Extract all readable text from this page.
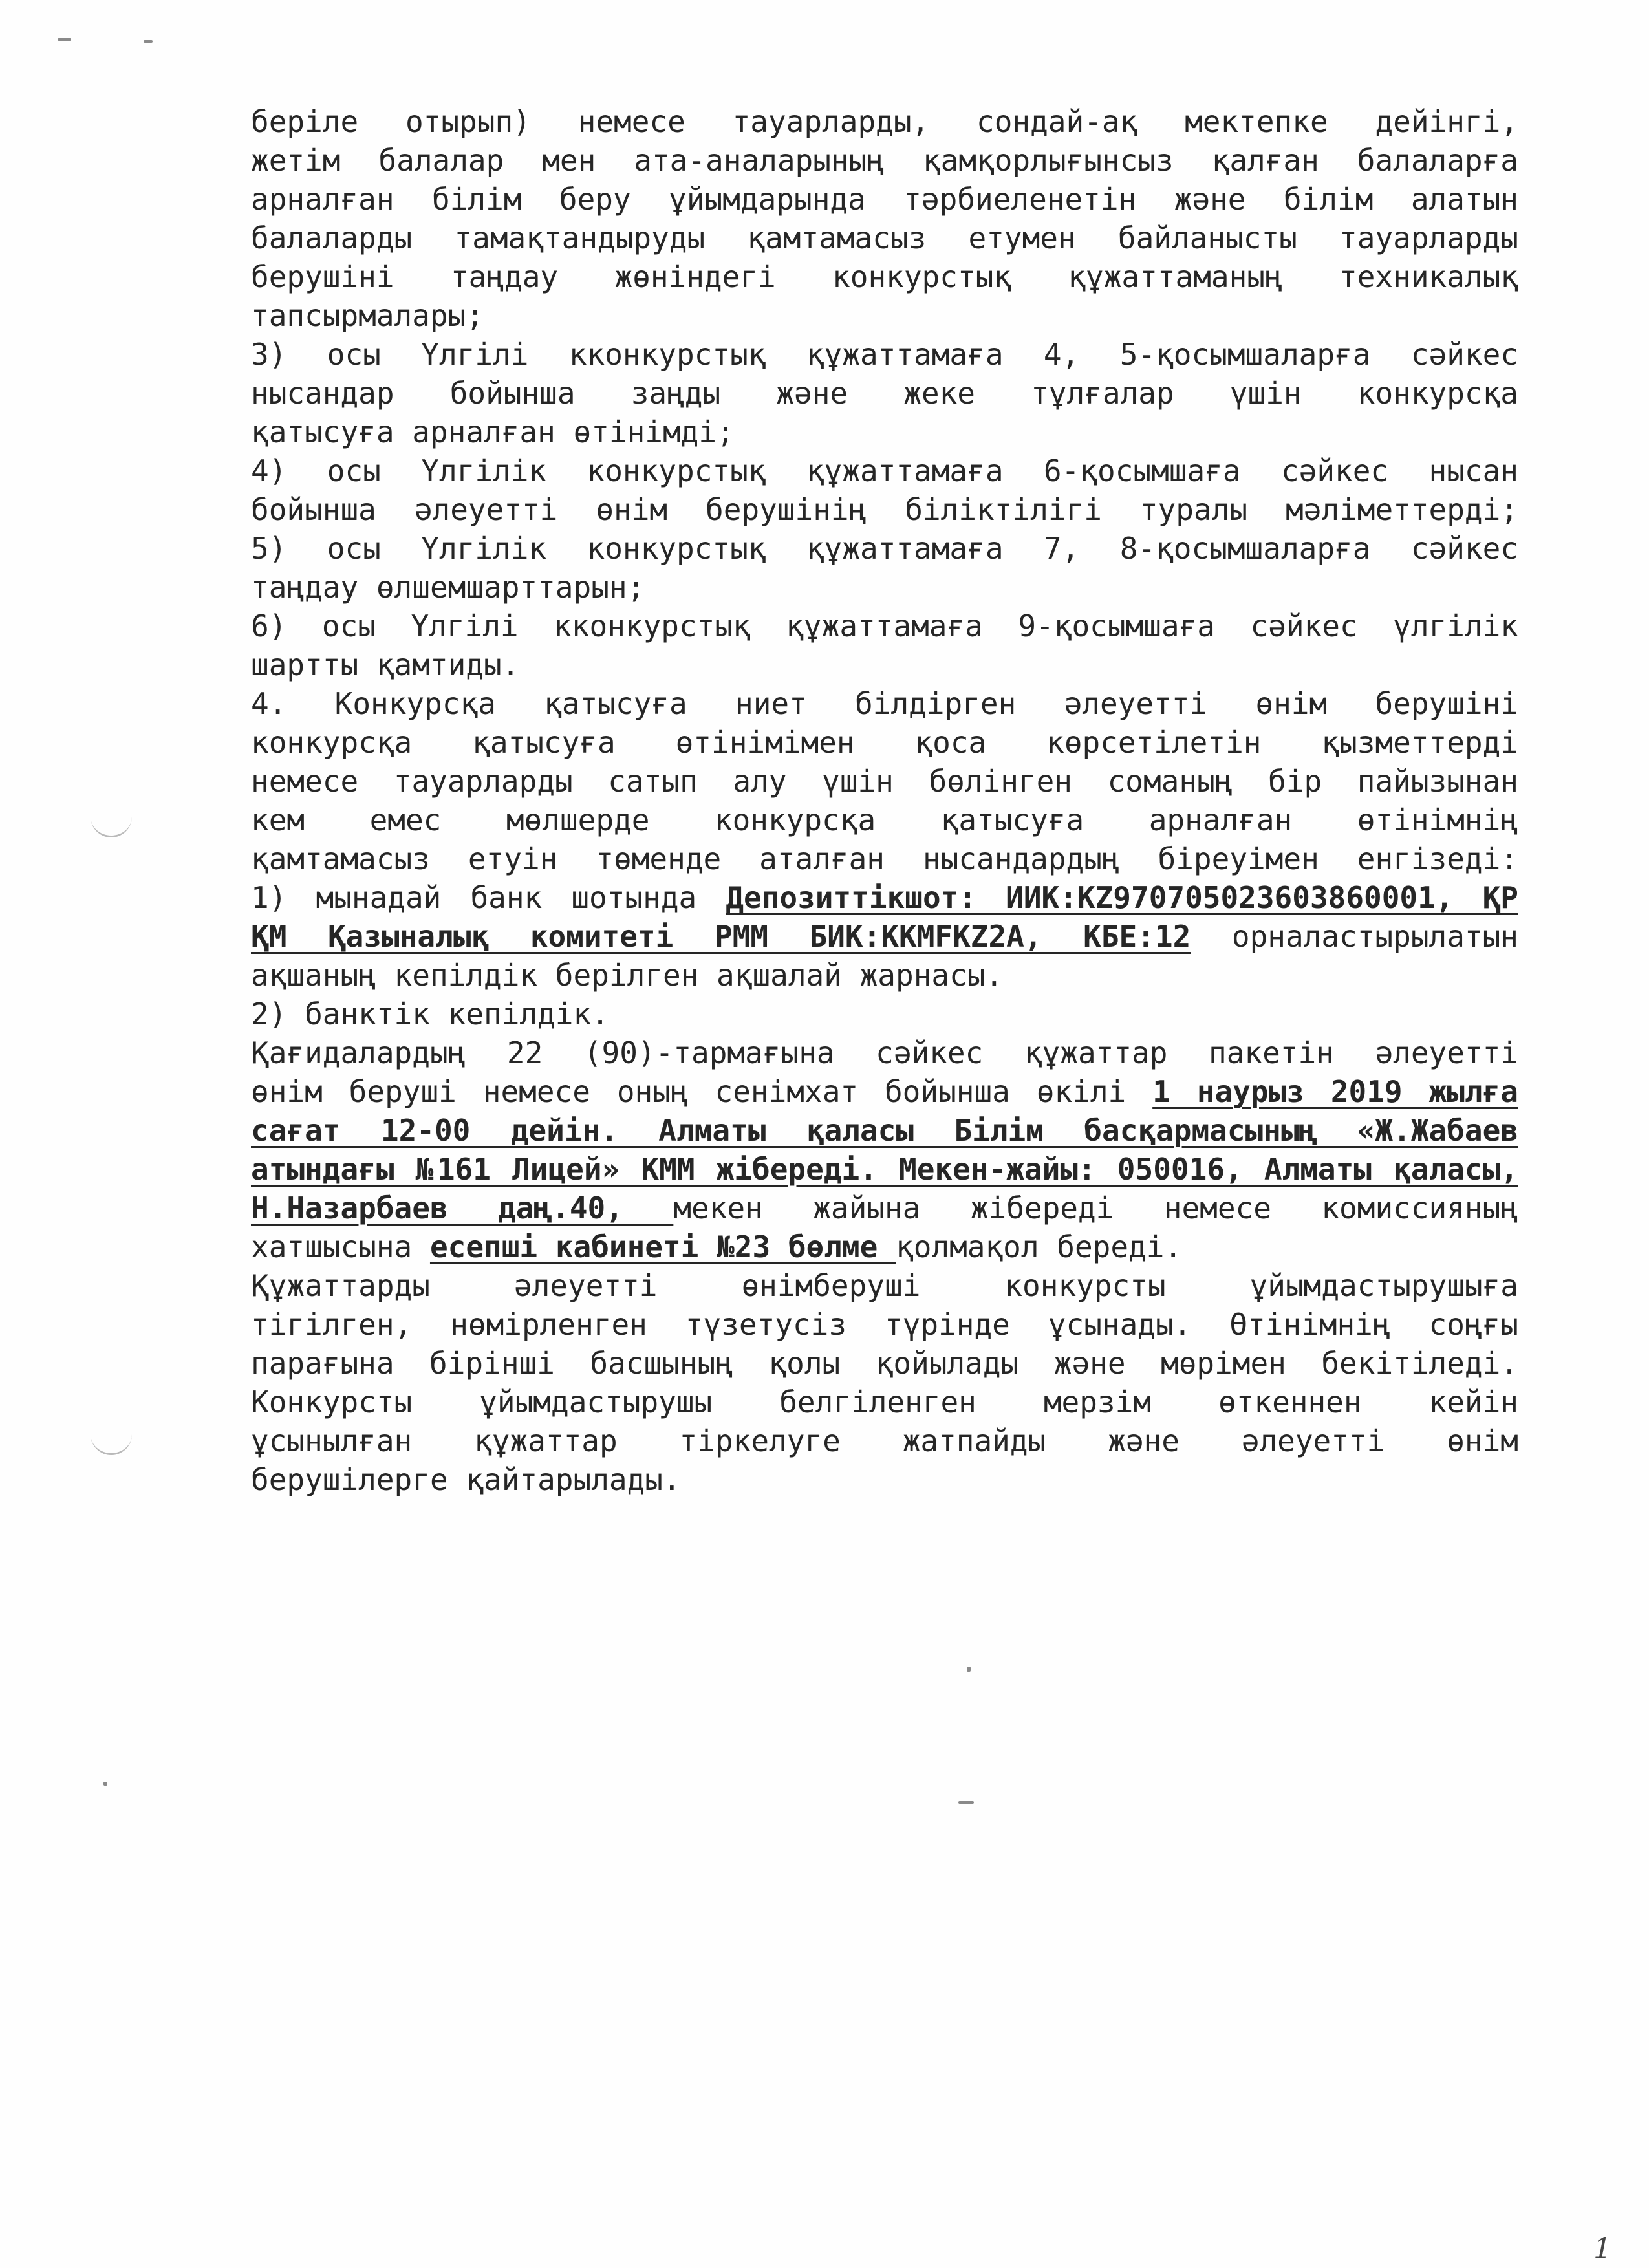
беріле отырып) немесе тауарларды, сондай-ақ мектепке дейінгі,
жетім балалар мен ата-аналарының қамқорлығынсыз қалған балаларға
арналған білім беру ұйымдарында тәрбиеленетін және білім алатын
балаларды тамақтандыруды қамтамасыз етумен байланысты тауарларды
берушіні таңдау жөніндегі конкурстық құжаттаманың техникалық
тапсырмалары;
3) осы Үлгілі кконкурстық құжаттамаға 4, 5-қосымшаларға сәйкес
нысандар бойынша заңды және жеке тұлғалар үшін конкурсқа
қатысуға арналған өтінімді;
4) осы Үлгілік конкурстық құжаттамаға 6-қосымшаға сәйкес нысан
бойынша әлеуетті өнім берушінің біліктілігі туралы мәліметтерді;
5) осы Үлгілік конкурстық құжаттамаға 7, 8-қосымшаларға сәйкес
таңдау өлшемшарттарын;
6) осы Үлгілі кконкурстық құжаттамаға 9-қосымшаға сәйкес үлгілік
шартты қамтиды.
4. Конкурсқа қатысуға ниет білдірген әлеуетті өнім берушіні
конкурсқа қатысуға өтінімімен қоса көрсетілетін қызметтерді
немесе тауарларды сатып алу үшін бөлінген соманың бір пайызынан
кем емес мөлшерде конкурсқа қатысуға арналған өтінімнің
қамтамасыз етуін төменде аталған нысандардың біреуімен енгізеді:
1) мынадай банк шотында Депозиттікшот: ИИК:KZ970705023603860001, ҚР
ҚМ Қазыналық комитеті РММ БИК:KKMFKZ2A, КБЕ:12 орналастырылатын
ақшаның кепілдік берілген ақшалай жарнасы.
2) банктік кепілдік.
Қағидалардың 22 (90)-тармағына сәйкес құжаттар пакетін әлеуетті
өнім беруші немесе оның сенімхат бойынша өкілі 1 наурыз 2019 жылға
сағат 12-00 дейін. Алматы қаласы Білім басқармасының «Ж.Жабаев
атындағы №161 Лицей» КММ жібереді. Мекен-жайы: 050016, Алматы қаласы,
Н.Назарбаев даң.40, мекен жайына жібереді немесе комиссияның
хатшысына есепші кабинеті №23 бөлме қолмақол береді.
Құжаттарды әлеуетті өнімберуші конкурсты ұйымдастырушыға
тігілген, нөмірленген түзетусіз түрінде ұсынады. Өтінімнің соңғы
парағына бірінші басшының қолы қойылады және мөрімен бекітіледі.
Конкурсты ұйымдастырушы белгіленген мерзім өткеннен кейін
ұсынылған құжаттар тіркелуге жатпайды және әлеуетті өнім
берушілерге қайтарылады.
1
